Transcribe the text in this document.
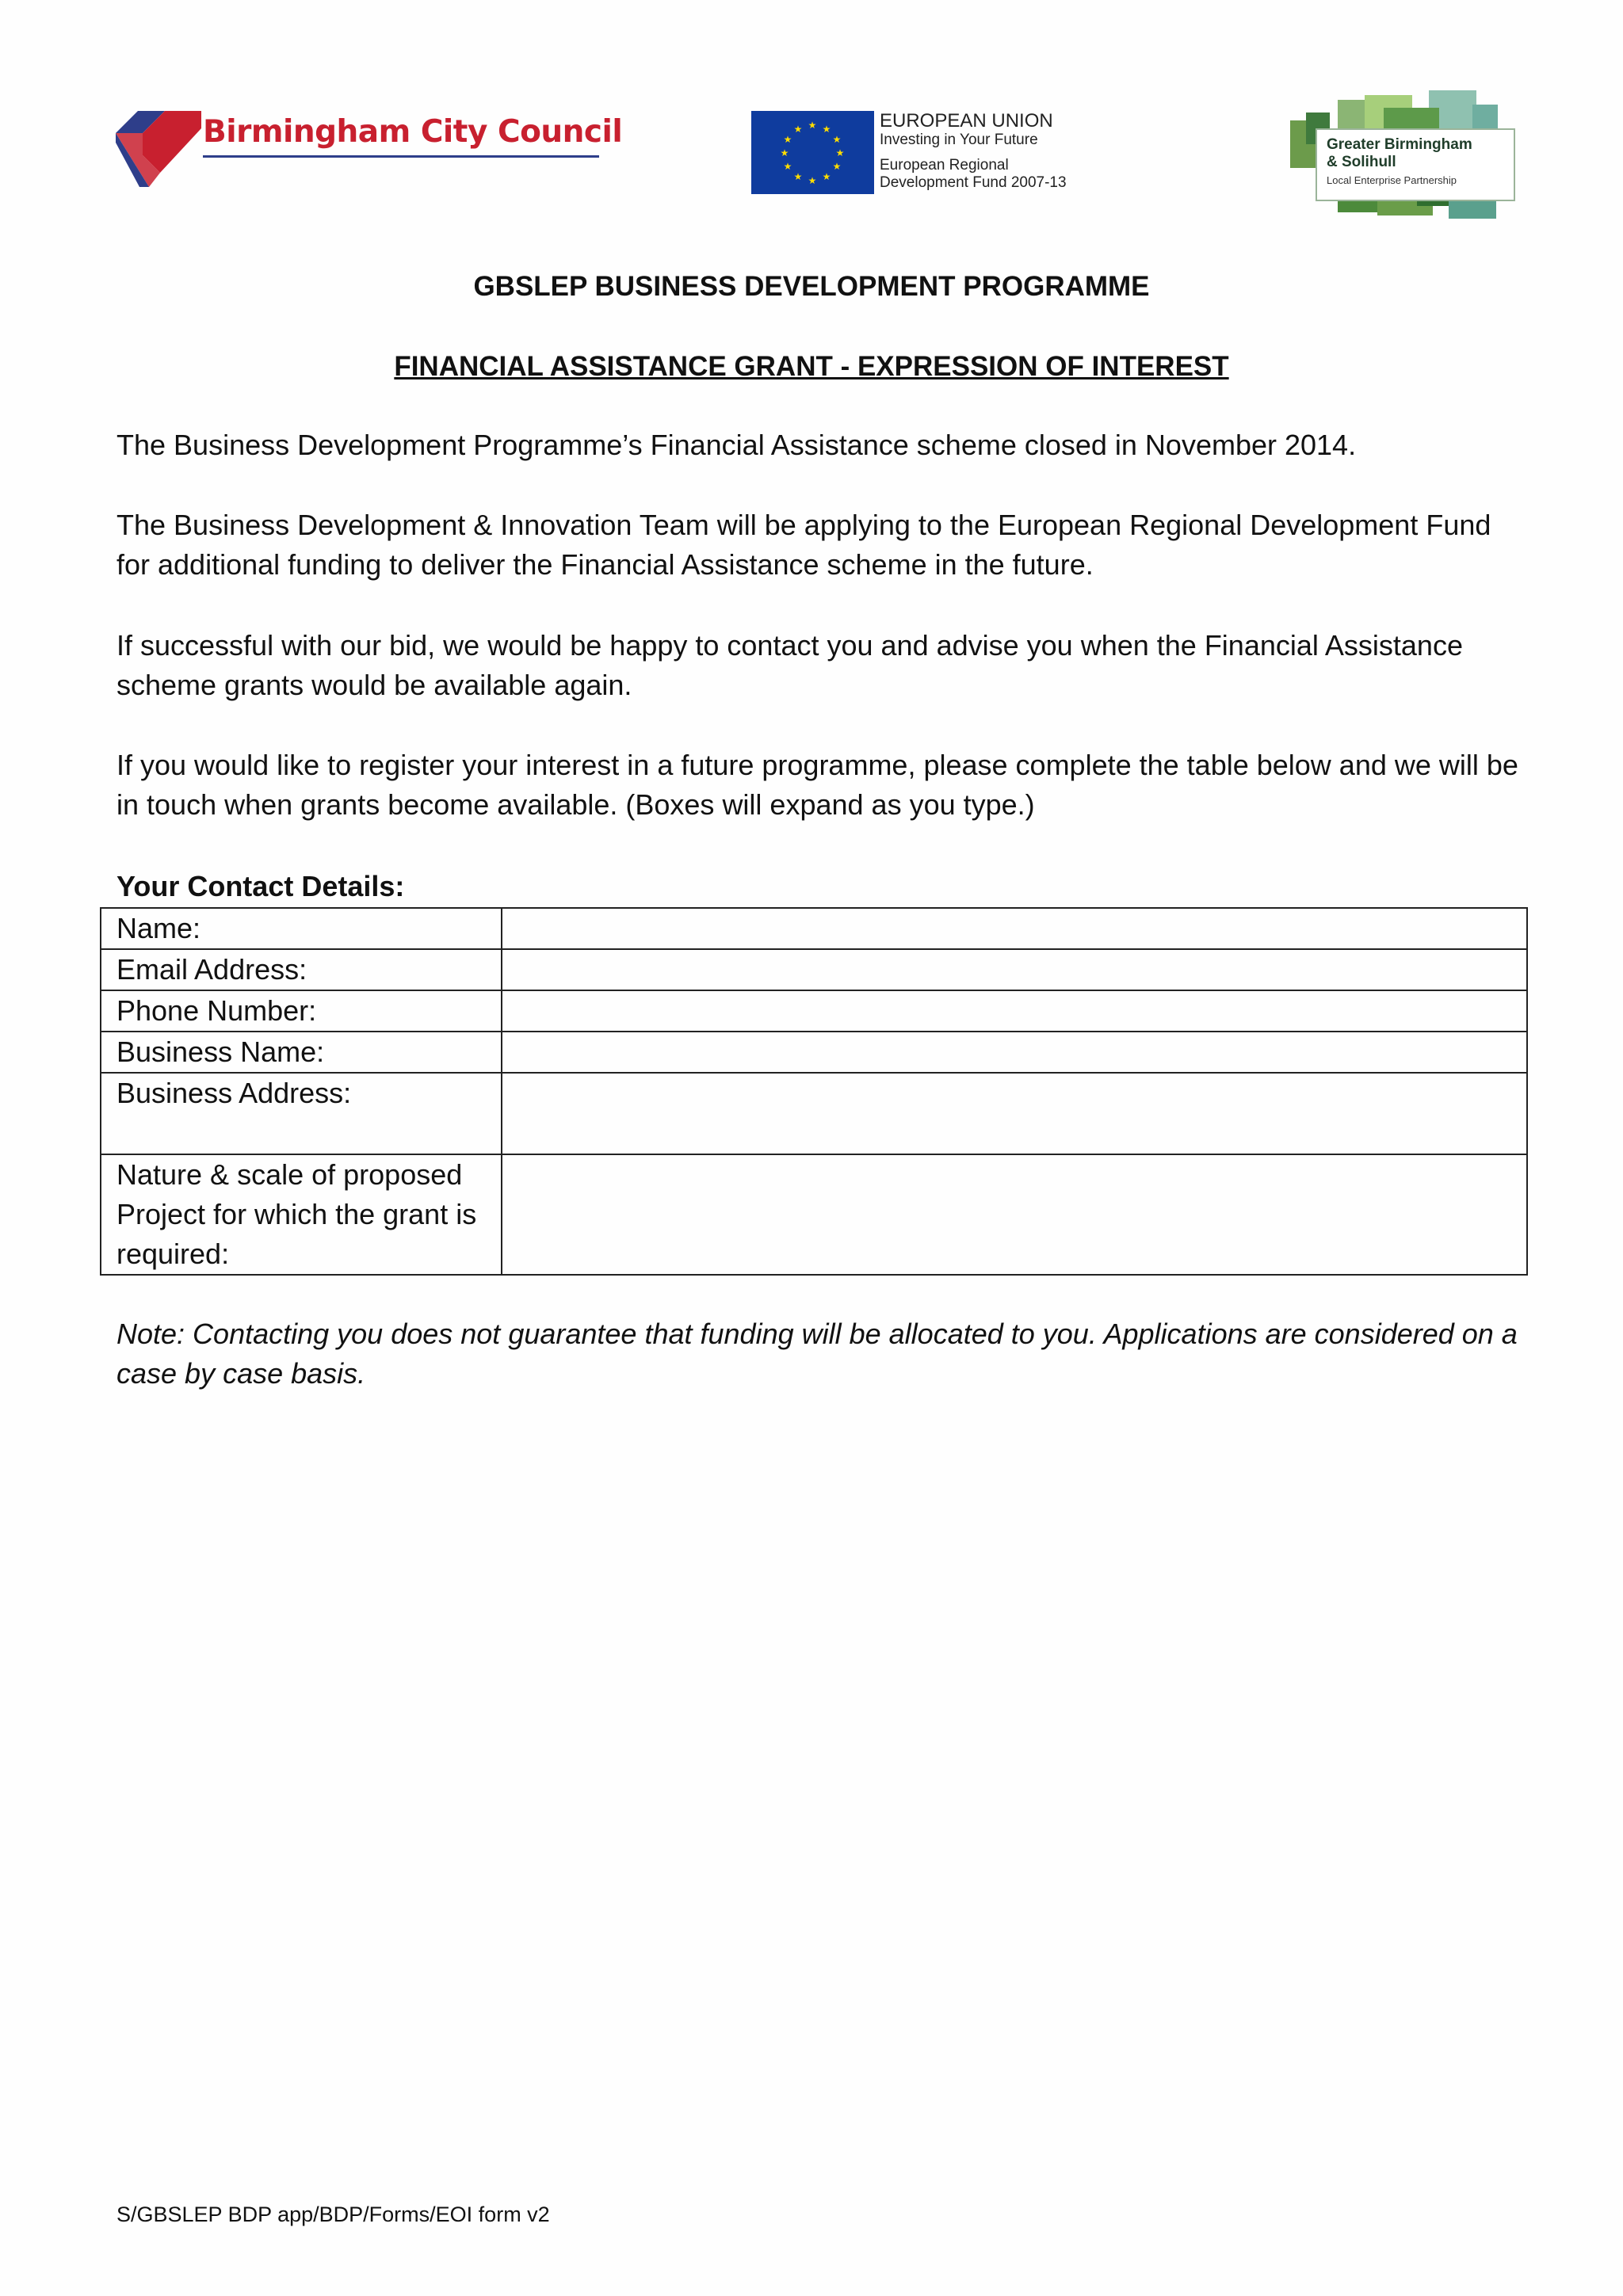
Birmingham City Council	★ ★
★
★
★
★
★
★
★
★
★
★	EUROPEAN UNION
Investing in Your Future
European Regional
Development Fund 2007-13
Greater Birmingham
& Solihull
Local Enterprise Partnership
GBSLEP BUSINESS DEVELOPMENT PROGRAMME
FINANCIAL ASSISTANCE GRANT - EXPRESSION OF INTEREST

The Business Development Programme’s Financial Assistance scheme closed in November 2014.

The Business Development & Innovation Team will be applying to the European Regional Development Fund for additional funding to deliver the Financial Assistance scheme in the future.

If successful with our bid, we would be happy to contact you and advise you when the Financial Assistance scheme grants would be available again.

If you would like to register your interest in a future programme, please complete the table below and we will be in touch when grants become available. (Boxes will expand as you type.)

Your Contact Details:
Name:	
Email Address:	
Phone Number:	
Business Name:	
Business Address:	
Nature & scale of proposed Project for which the grant is required:	

Note: Contacting you does not guarantee that funding will be allocated to you. Applications are considered on a case by case basis.

S/GBSLEP BDP app/BDP/Forms/EOI form v2
